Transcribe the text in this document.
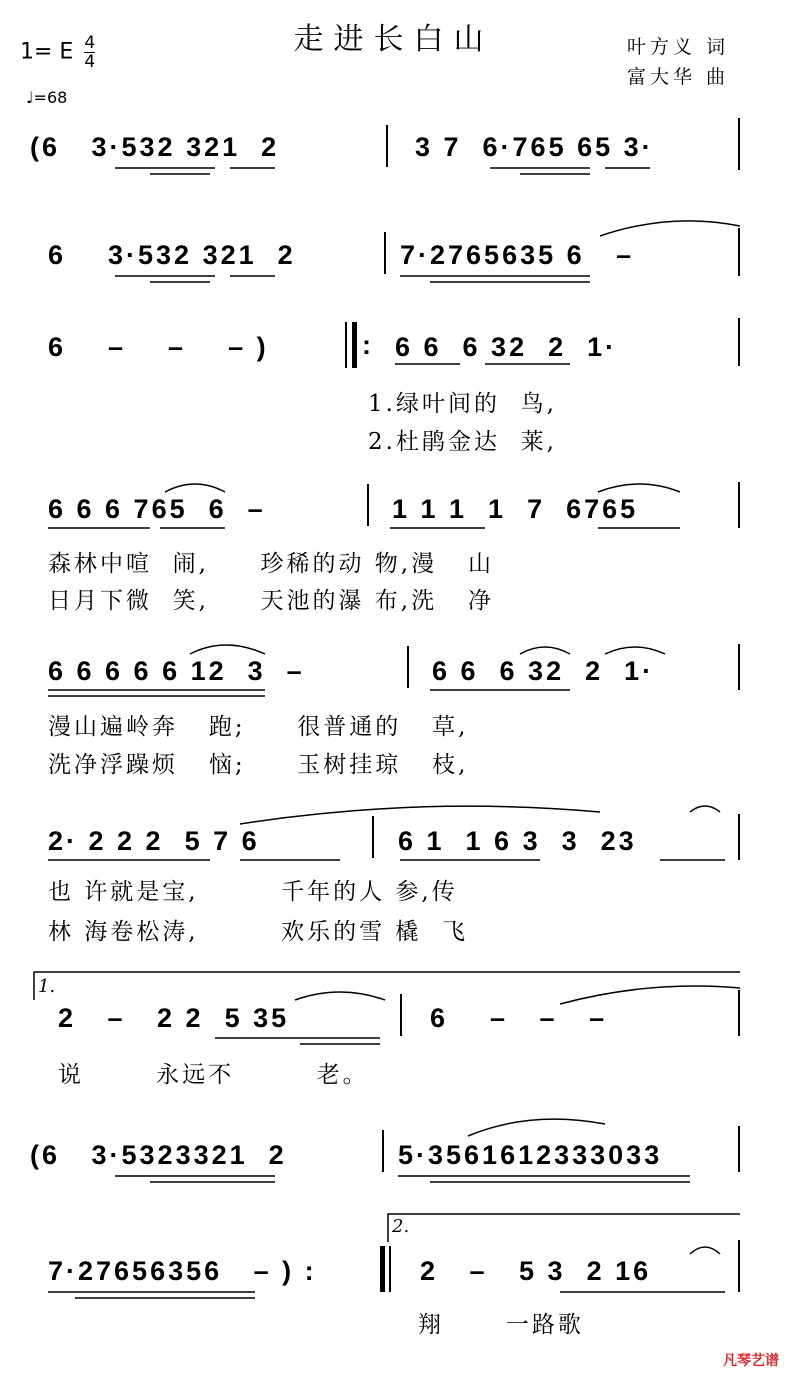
走进长白山
1= E $\frac{4}{4}$
♩=68
叶方义 词
富大华 曲
(6   3·532 321  2	3 7  6·765 65 3·
6    3·532 321  2	7·2765635 6   –
6    –    –    – )	: 6 6  6 32  2  1·
1.绿叶间的  鸟,
2.杜鹃金达  莱,
6 6 6 765  6  –	1 1 1  1  7  6765
森林中喧  闹,     珍稀的动 物,漫   山
日月下微  笑,     天池的瀑 布,洗   净
6 6 6 6 6 12  3  –	6 6  6 32  2  1·
漫山遍岭奔   跑;     很普通的   草,
洗净浮躁烦   恼;     玉树挂琼   枝,
2· 2 2 2  5 7 6	6 1  1 6 3  3  23
也 许就是宝,        千年的人 参,传
林 海卷松涛,        欢乐的雪 橇  飞
1.
2   –   2 2  5 35	6    –   –   –
说       永远不        老。
(6   3·5323321  2	5·3561612333033
7·27656356   – ) :
2.
2   –   5 3  2 16
翔      一路歌
凡琴艺谱
